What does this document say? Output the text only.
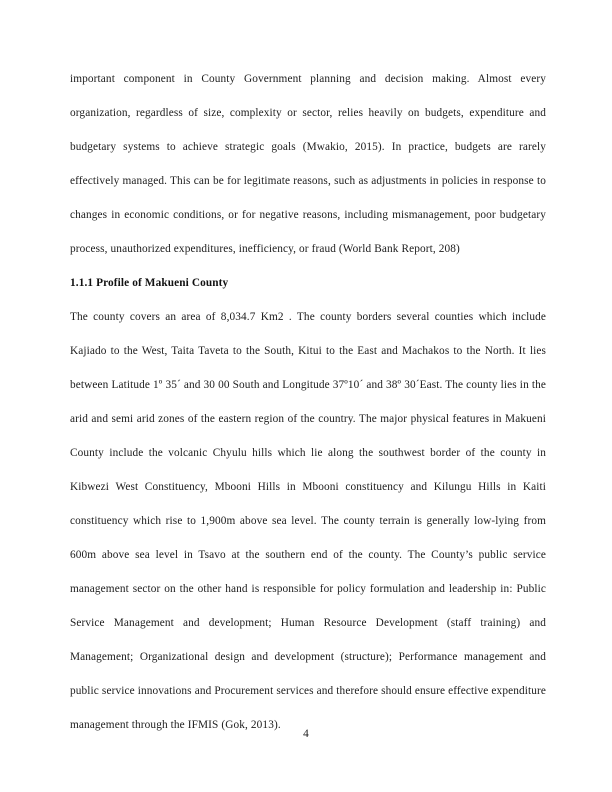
important component in County Government planning and decision making. Almost every organization, regardless of size, complexity or sector, relies heavily on budgets, expenditure and budgetary systems to achieve strategic goals (Mwakio, 2015). In practice, budgets are rarely effectively managed. This can be for legitimate reasons, such as adjustments in policies in response to changes in economic conditions, or for negative reasons, including mismanagement, poor budgetary process, unauthorized expenditures, inefficiency, or fraud (World Bank Report, 208)

1.1.1 Profile of Makueni County

The county covers an area of 8,034.7 Km2 . The county borders several counties which include Kajiado to the West, Taita Taveta to the South, Kitui to the East and Machakos to the North. It lies between Latitude 1º 35´ and 30 00 South and Longitude 37º10´ and 38º 30´East. The county lies in the arid and semi arid zones of the eastern region of the country. The major physical features in Makueni County include the volcanic Chyulu hills which lie along the southwest border of the county in Kibwezi West Constituency, Mbooni Hills in Mbooni constituency and Kilungu Hills in Kaiti constituency which rise to 1,900m above sea level. The county terrain is generally low-lying from 600m above sea level in Tsavo at the southern end of the county. The County’s public service management sector on the other hand is responsible for policy formulation and leadership in: Public Service Management and development; Human Resource Development (staff training) and Management; Organizational design and development (structure); Performance management and public service innovations and Procurement services and therefore should ensure effective expenditure management through the IFMIS (Gok, 2013).

4
